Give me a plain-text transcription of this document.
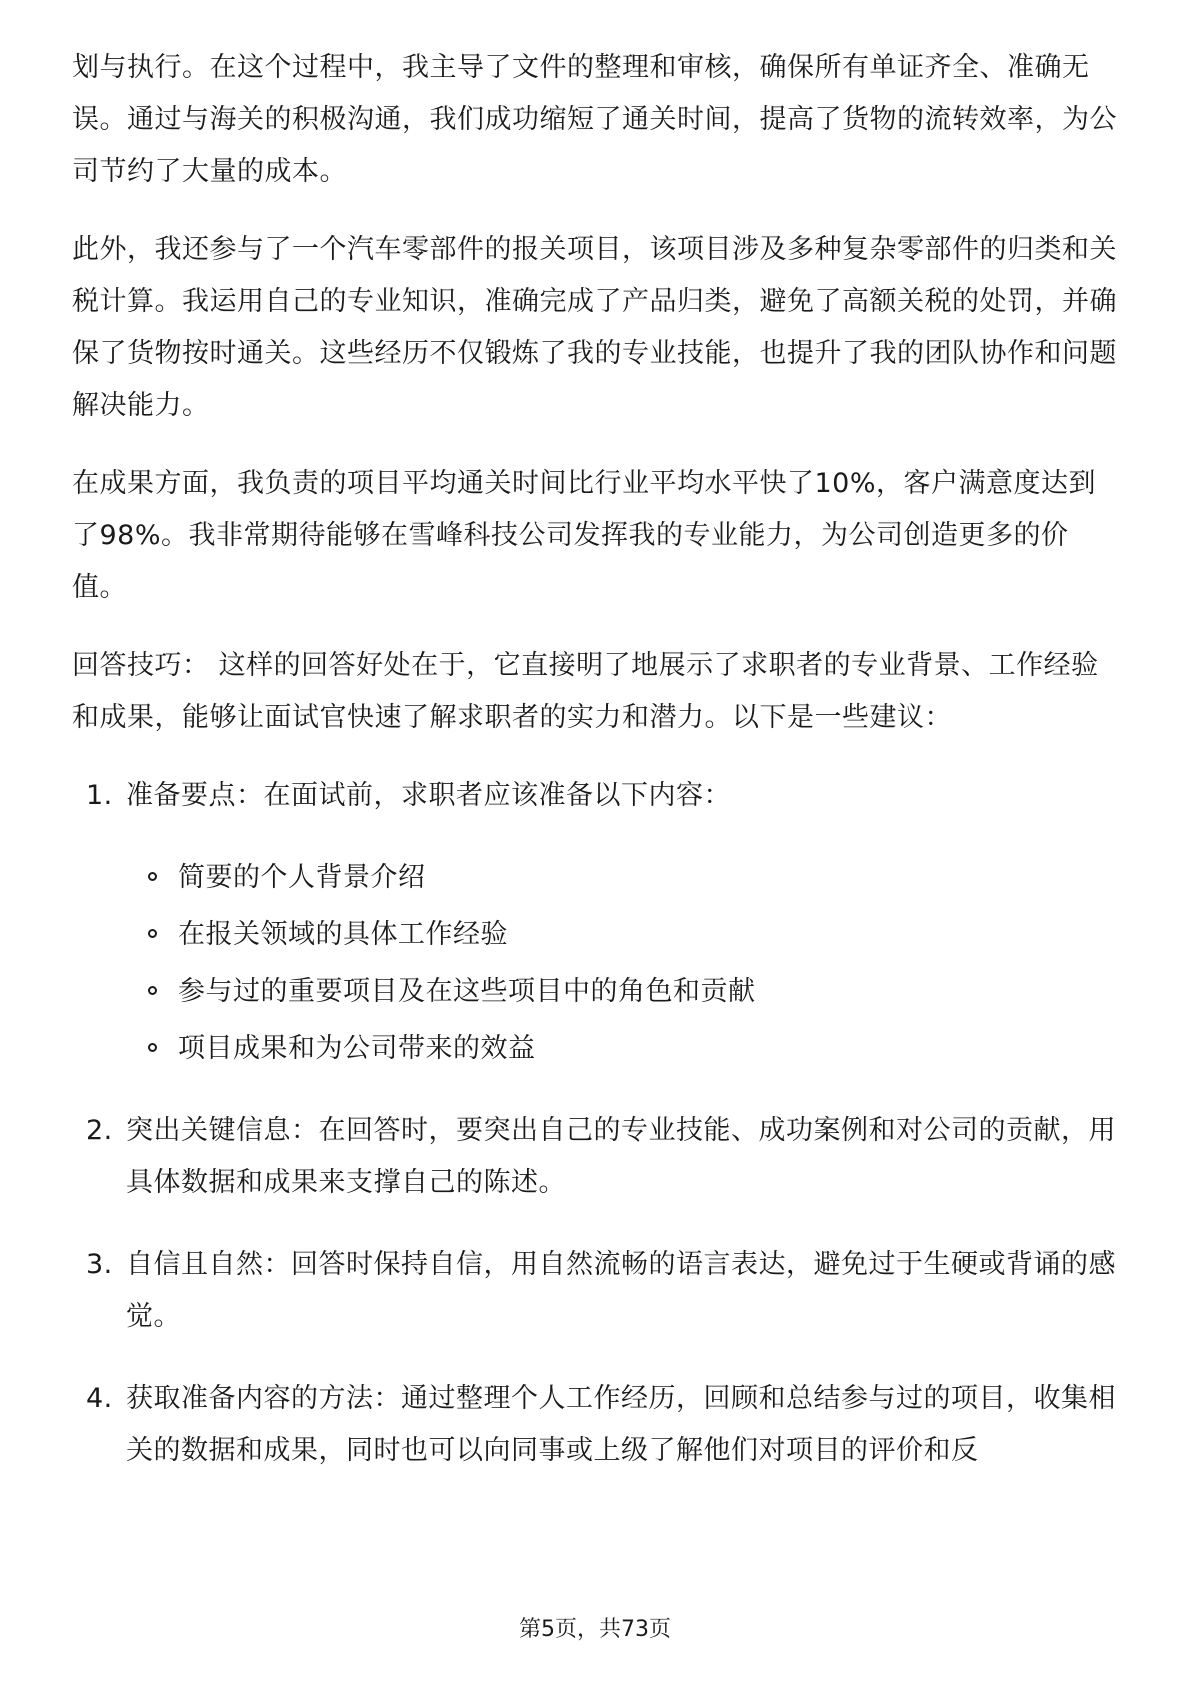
划与执行。在这个过程中，我主导了文件的整理和审核，确保所有单证齐全、准确无误。通过与海关的积极沟通，我们成功缩短了通关时间，提高了货物的流转效率，为公司节约了大量的成本。

此外，我还参与了一个汽车零部件的报关项目，该项目涉及多种复杂零部件的归类和关税计算。我运用自己的专业知识，准确完成了产品归类，避免了高额关税的处罚，并确保了货物按时通关。这些经历不仅锻炼了我的专业技能，也提升了我的团队协作和问题解决能力。

在成果方面，我负责的项目平均通关时间比行业平均水平快了10%，客户满意度达到了98%。我非常期待能够在雪峰科技公司发挥我的专业能力，为公司创造更多的价值。

回答技巧： 这样的回答好处在于，它直接明了地展示了求职者的专业背景、工作经验和成果，能够让面试官快速了解求职者的实力和潜力。以下是一些建议：

1. 准备要点：在面试前，求职者应该准备以下内容：
简要的个人背景介绍
在报关领域的具体工作经验
参与过的重要项目及在这些项目中的角色和贡献
项目成果和为公司带来的效益
2. 突出关键信息：在回答时，要突出自己的专业技能、成功案例和对公司的贡献，用具体数据和成果来支撑自己的陈述。
3. 自信且自然：回答时保持自信，用自然流畅的语言表达，避免过于生硬或背诵的感觉。
4. 获取准备内容的方法：通过整理个人工作经历，回顾和总结参与过的项目，收集相关的数据和成果，同时也可以向同事或上级了解他们对项目的评价和反
第5页，共73页
